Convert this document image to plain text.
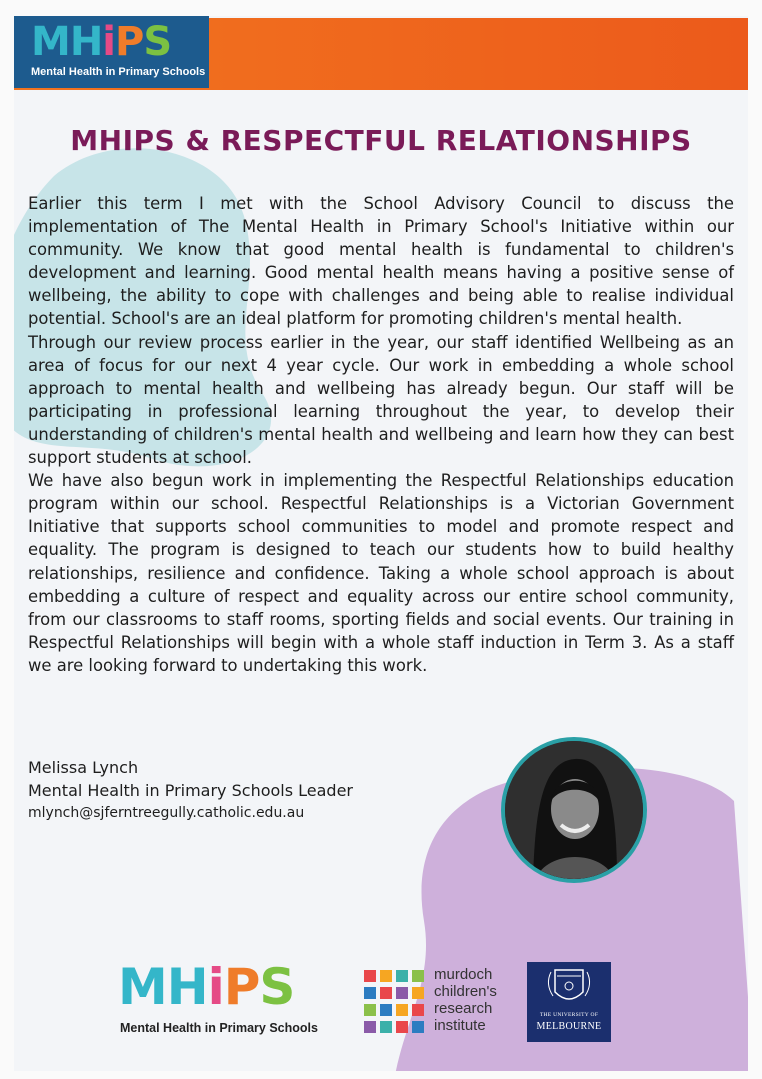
MHiPS
Mental Health in Primary Schools
MHIPS & RESPECTFUL RELATIONSHIPS

Earlier this term I met with the School Advisory Council to discuss the implementation of The Mental Health in Primary School's Initiative within our community. We know that good mental health is fundamental to children's development and learning. Good mental health means having a positive sense of wellbeing, the ability to cope with challenges and being able to realise individual potential. School's are an ideal platform for promoting children's mental health.

Through our review process earlier in the year, our staff identified Wellbeing as an area of focus for our next 4 year cycle. Our work in embedding a whole school approach to mental health and wellbeing has already begun. Our staff will be participating in professional learning throughout the year, to develop their understanding of children's mental health and wellbeing and learn how they can best support students at school.

We have also begun work in implementing the Respectful Relationships education program within our school. Respectful Relationships is a Victorian Government Initiative that supports school communities to model and promote respect and equality. The program is designed to teach our students how to build healthy relationships, resilience and confidence. Taking a whole school approach is about embedding a culture of respect and equality across our entire school community, from our classrooms to staff rooms, sporting fields and social events. Our training in Respectful Relationships will begin with a whole staff induction in Term 3. As a staff we are looking forward to undertaking this work.

Melissa Lynch
Mental Health in Primary Schools Leader
mlynch@sjferntreegully.catholic.edu.au
MHiPS
Mental Health in Primary Schools
murdoch
children's
research
institute
THE UNIVERSITY OF
MELBOURNE
